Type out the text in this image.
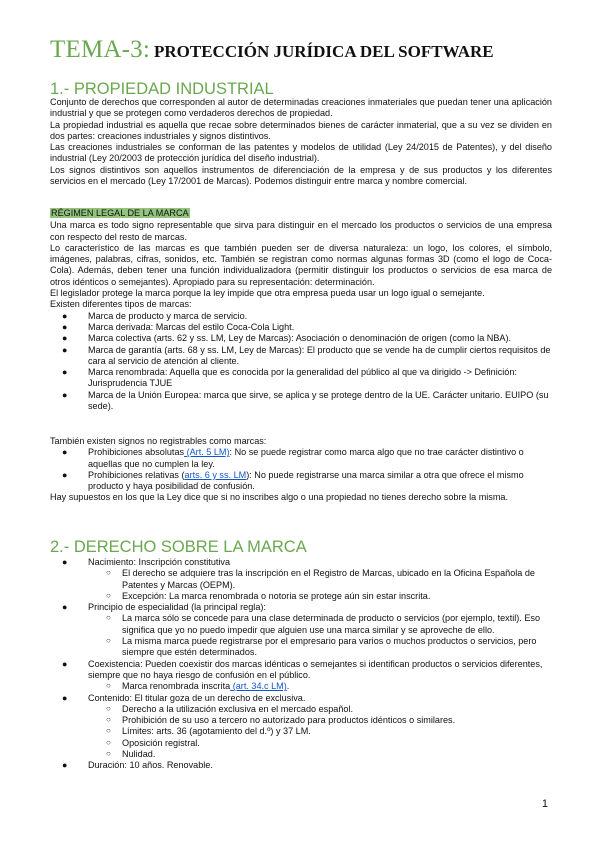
TEMA-3: PROTECCIÓN JURÍDICA DEL SOFTWARE
1.- PROPIEDAD INDUSTRIAL

Conjunto de derechos que corresponden al autor de determinadas creaciones inmateriales que puedan tener una aplicación industrial y que se protegen como verdaderos derechos de propiedad.

La propiedad industrial es aquella que recae sobre determinados bienes de carácter inmaterial, que a su vez se dividen en dos partes: creaciones industriales y signos distintivos.

Las creaciones industriales se conforman de las patentes y modelos de utilidad (Ley 24/2015 de Patentes), y del diseño industrial (Ley 20/2003 de protección jurídica del diseño industrial).

Los signos distintivos son aquellos instrumentos de diferenciación de la empresa y de sus productos y los diferentes servicios en el mercado (Ley 17/2001 de Marcas). Podemos distinguir entre marca y nombre comercial.

RÉGIMEN LEGAL DE LA MARCA

Una marca es todo signo representable que sirva para distinguir en el mercado los productos o servicios de una empresa con respecto del resto de marcas.

Lo característico de las marcas es que también pueden ser de diversa naturaleza: un logo, los colores, el símbolo, imágenes, palabras, cifras, sonidos, etc. También se registran como normas algunas formas 3D (como el logo de Coca-Cola). Además, deben tener una función individualizadora (permitir distinguir los productos o servicios de esa marca de otros idénticos o semejantes). Apropiado para su representación: determinación.

El legislador protege la marca porque la ley impide que otra empresa pueda usar un logo igual o semejante.

Existen diferentes tipos de marcas:

● Marca de producto y marca de servicio.
● Marca derivada: Marcas del estilo Coca-Cola Light.
● Marca colectiva (arts. 62 y ss. LM, Ley de Marcas): Asociación o denominación de origen (como la NBA).
● Marca de garantía (arts. 68 y ss. LM, Ley de Marcas): El producto que se vende ha de cumplir ciertos requisitos de cara al servicio de atención al cliente.
● Marca renombrada: Aquella que es conocida por la generalidad del público al que va dirigido -> Definición: Jurisprudencia TJUE
● Marca de la Unión Europea: marca que sirve, se aplica y se protege dentro de la UE. Carácter unitario. EUIPO (su sede).

También existen signos no registrables como marcas:

● Prohibiciones absolutas (Art. 5 LM): No se puede registrar como marca algo que no trae carácter distintivo o aquellas que no cumplen la ley.
● Prohibiciones relativas (arts. 6 y ss. LM): No puede registrarse una marca similar a otra que ofrece el mismo producto y haya posibilidad de confusión.

Hay supuestos en los que la Ley dice que si no inscribes algo o una propiedad no tienes derecho sobre la misma.

2.- DERECHO SOBRE LA MARCA
● Nacimiento: Inscripción constitutiva
○ El derecho se adquiere tras la inscripción en el Registro de Marcas, ubicado en la Oficina Española de Patentes y Marcas (OEPM).
○ Excepción: La marca renombrada o notoria se protege aún sin estar inscrita.
● Principio de especialidad (la principal regla):
○ La marca sólo se concede para una clase determinada de producto o servicios (por ejemplo, textil). Eso significa que yo no puedo impedir que alguien use una marca similar y se aproveche de ello.
○ La misma marca puede registrarse por el empresario para varios o muchos productos o servicios, pero siempre que estén determinados.
● Coexistencia: Pueden coexistir dos marcas idénticas o semejantes si identifican productos o servicios diferentes, siempre que no haya riesgo de confusión en el público.
○ Marca renombrada inscrita (art. 34.c LM).
● Contenido: El titular goza de un derecho de exclusiva.
○ Derecho a la utilización exclusiva en el mercado español.
○ Prohibición de su uso a tercero no autorizado para productos idénticos o similares.
○ Límites: arts. 36 (agotamiento del d.º) y 37 LM.
○ Oposición registral.
○ Nulidad.
● Duración: 10 años. Renovable.
1
